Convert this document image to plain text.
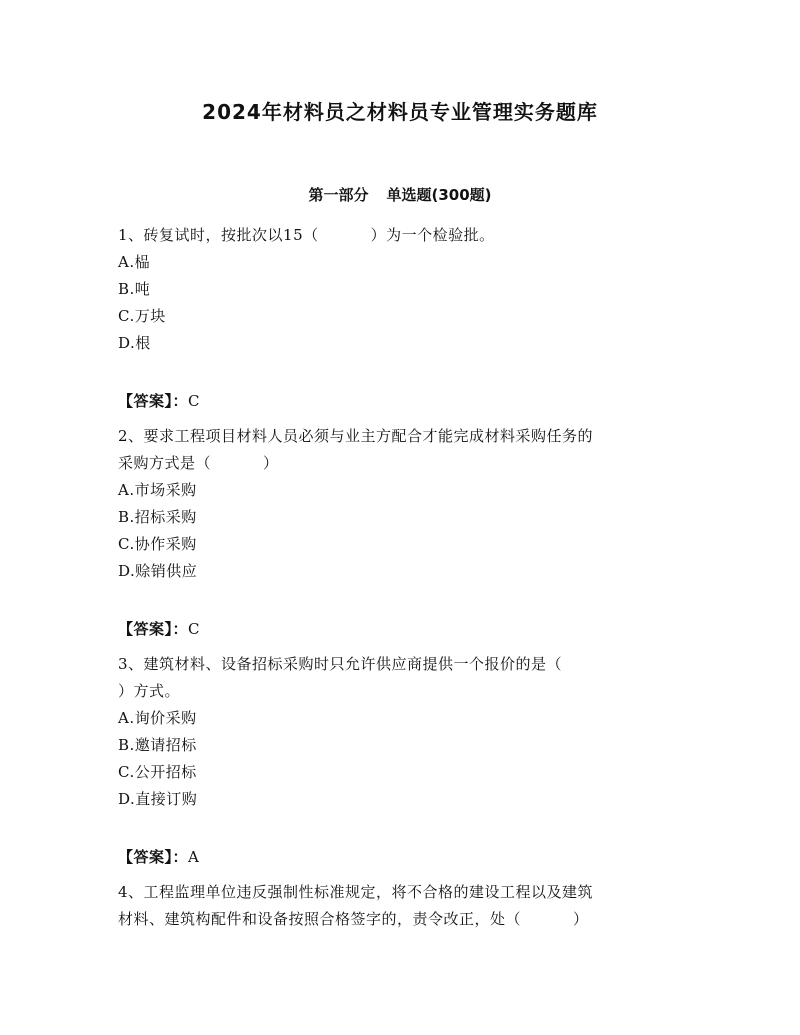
2024年材料员之材料员专业管理实务题库
第一部分 单选题(300题)
1、砖复试时，按批次以15（	）为一个检验批。
A.榀
B.吨
C.万块
D.根
【答案】：C
2、要求工程项目材料人员必须与业主方配合才能完成材料采购任务的
采购方式是（	）
A.市场采购
B.招标采购
C.协作采购
D.赊销供应
【答案】：C
3、建筑材料、设备招标采购时只允许供应商提供一个报价的是（
）方式。
A.询价采购
B.邀请招标
C.公开招标
D.直接订购
【答案】：A
4、工程监理单位违反强制性标准规定，将不合格的建设工程以及建筑
材料、建筑构配件和设备按照合格签字的，责令改正，处（	）
